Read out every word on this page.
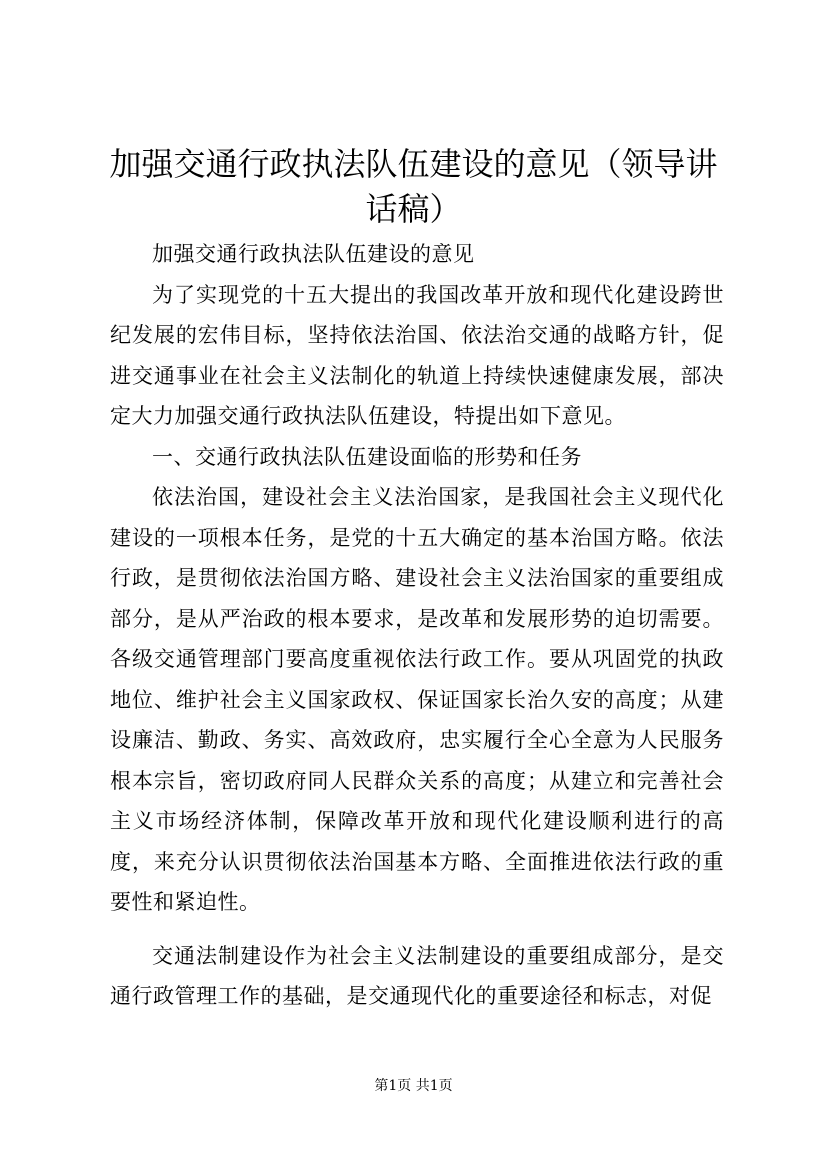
加强交通行政执法队伍建设的意见（领导讲话稿）

加强交通行政执法队伍建设的意见

为了实现党的十五大提出的我国改革开放和现代化建设跨世纪发展的宏伟目标，坚持依法治国、依法治交通的战略方针，促进交通事业在社会主义法制化的轨道上持续快速健康发展，部决定大力加强交通行政执法队伍建设，特提出如下意见。

一、交通行政执法队伍建设面临的形势和任务

依法治国，建设社会主义法治国家，是我国社会主义现代化建设的一项根本任务，是党的十五大确定的基本治国方略。依法行政，是贯彻依法治国方略、建设社会主义法治国家的重要组成部分，是从严治政的根本要求，是改革和发展形势的迫切需要。各级交通管理部门要高度重视依法行政工作。要从巩固党的执政地位、维护社会主义国家政权、保证国家长治久安的高度；从建设廉洁、勤政、务实、高效政府，忠实履行全心全意为人民服务根本宗旨，密切政府同人民群众关系的高度；从建立和完善社会主义市场经济体制，保障改革开放和现代化建设顺利进行的高度，来充分认识贯彻依法治国基本方略、全面推进依法行政的重要性和紧迫性。

交通法制建设作为社会主义法制建设的重要组成部分，是交通行政管理工作的基础，是交通现代化的重要途径和标志，对促

第1页 共1页
